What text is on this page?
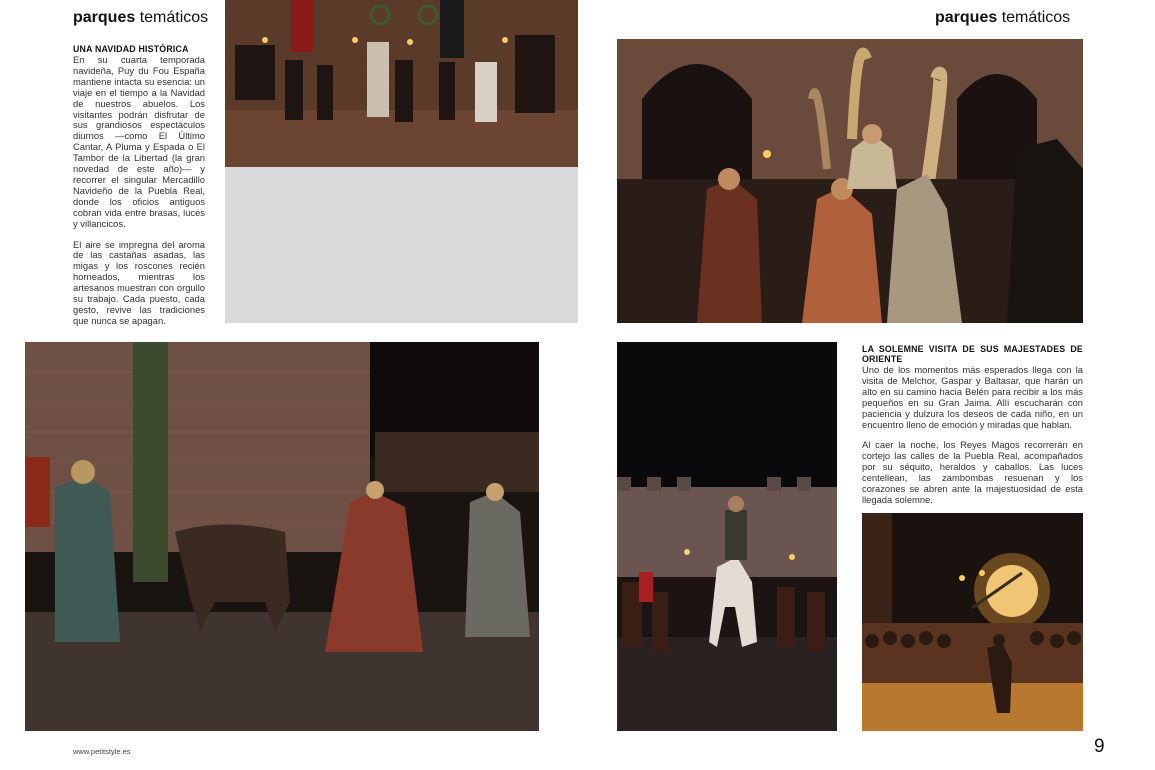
parques temáticos
UNA NAVIDAD HISTÓRICA

En su cuarta temporada navideña, Puy du Fou España mantiene intacta su esencia: un viaje en el tiempo a la Navidad de nuestros abuelos. Los visitantes podrán disfrutar de sus grandiosos espectáculos diurnos —como El Último Cantar, A Pluma y Espada o El Tambor de la Libertad (la gran novedad de este año)— y recorrer el singular Mercadillo Navideño de la Puebla Real, donde los oficios antiguos cobran vida entre brasas, luces y villancicos.

El aire se impregna del aroma de las castañas asadas, las migas y los roscones recién horneados, mientras los artesanos muestran con orgullo su trabajo. Cada puesto, cada gesto, revive las tradiciones que nunca se apagan.

parques temáticos
LA SOLEMNE VISITA DE SUS MAJESTADES DE ORIENTE

Uno de los momentos más esperados llega con la visita de Melchor, Gaspar y Baltasar, que harán un alto en su camino hacia Belén para recibir a los más pequeños en su Gran Jaima. Allí escucharán con paciencia y dulzura los deseos de cada niño, en un encuentro lleno de emoción y miradas que hablan.

Al caer la noche, los Reyes Magos recorrerán en cortejo las calles de la Puebla Real, acompañados por su séquito, heraldos y caballos. Las luces centellean, las zambombas resuenan y los corazones se abren ante la majestuosidad de esta llegada solemne.

www.petitstyle.es	9
